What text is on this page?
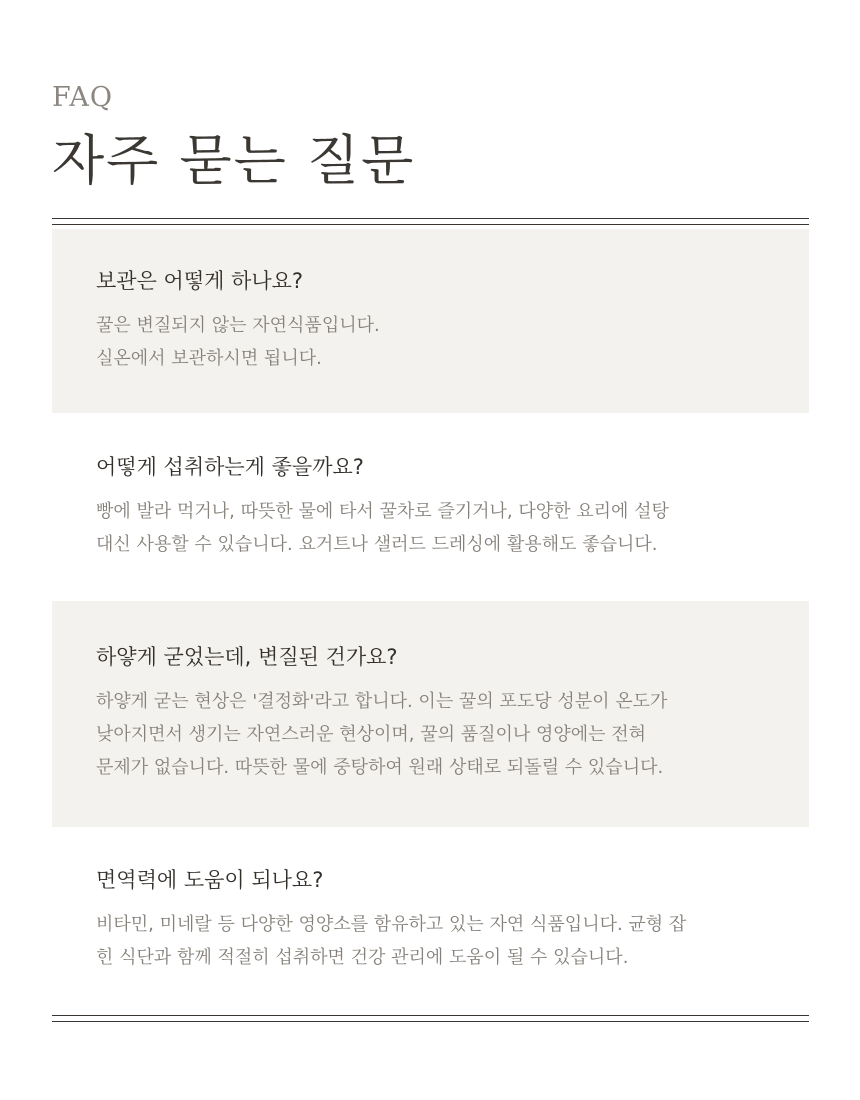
FAQ

자주 묻는 질문
보관은 어떻게 하나요?

꿀은 변질되지 않는 자연식품입니다.
실온에서 보관하시면 됩니다.

어떻게 섭취하는게 좋을까요?

빵에 발라 먹거나, 따뜻한 물에 타서 꿀차로 즐기거나, 다양한 요리에 설탕
대신 사용할 수 있습니다. 요거트나 샐러드 드레싱에 활용해도 좋습니다.

하얗게 굳었는데, 변질된 건가요?

하얗게 굳는 현상은 '결정화'라고 합니다. 이는 꿀의 포도당 성분이 온도가
낮아지면서 생기는 자연스러운 현상이며, 꿀의 품질이나 영양에는 전혀
문제가 없습니다. 따뜻한 물에 중탕하여 원래 상태로 되돌릴 수 있습니다.

면역력에 도움이 되나요?

비타민, 미네랄 등 다양한 영양소를 함유하고 있는 자연 식품입니다. 균형 잡
힌 식단과 함께 적절히 섭취하면 건강 관리에 도움이 될 수 있습니다.
